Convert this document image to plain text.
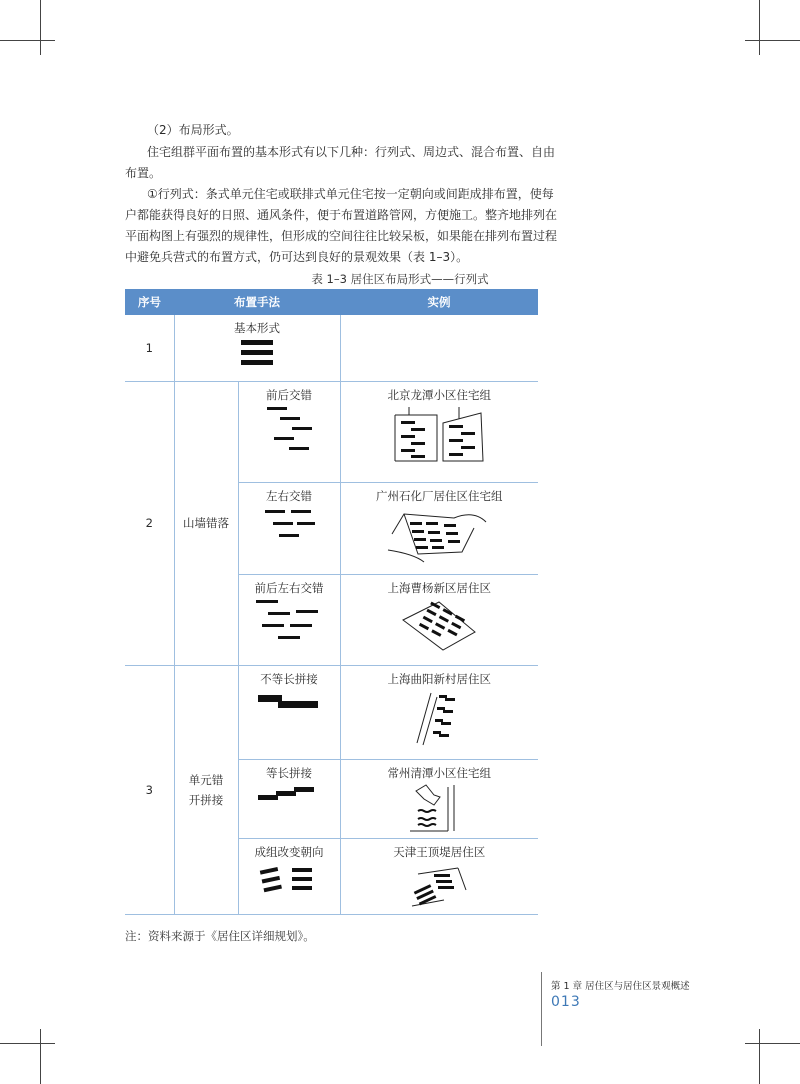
（2）布局形式。
住宅组群平面布置的基本形式有以下几种：行列式、周边式、混合布置、自由
布置。
①行列式：条式单元住宅或联排式单元住宅按一定朝向或间距成排布置，使每
户都能获得良好的日照、通风条件，便于布置道路管网，方便施工。整齐地排列在
平面构图上有强烈的规律性，但形成的空间往往比较呆板，如果能在排列布置过程
中避免兵营式的布置方式，仍可达到良好的景观效果（表 1–3）。
表 1–3 居住区布局形式——行列式
序号	布置手法		实例
1	基本形式		

2	山墙错落	前后交错	北京龙潭小区住宅组

		左右交错	广州石化厂居住区住宅组

		前后左右交错	上海曹杨新区居住区

3	单元错开拼接	不等长拼接	上海曲阳新村居住区

		等长拼接	常州清潭小区住宅组

		成组改变朝向	天津王顶堤居住区
注：资料来源于《居住区详细规划》。
第 1 章 居住区与居住区景观概述
013
